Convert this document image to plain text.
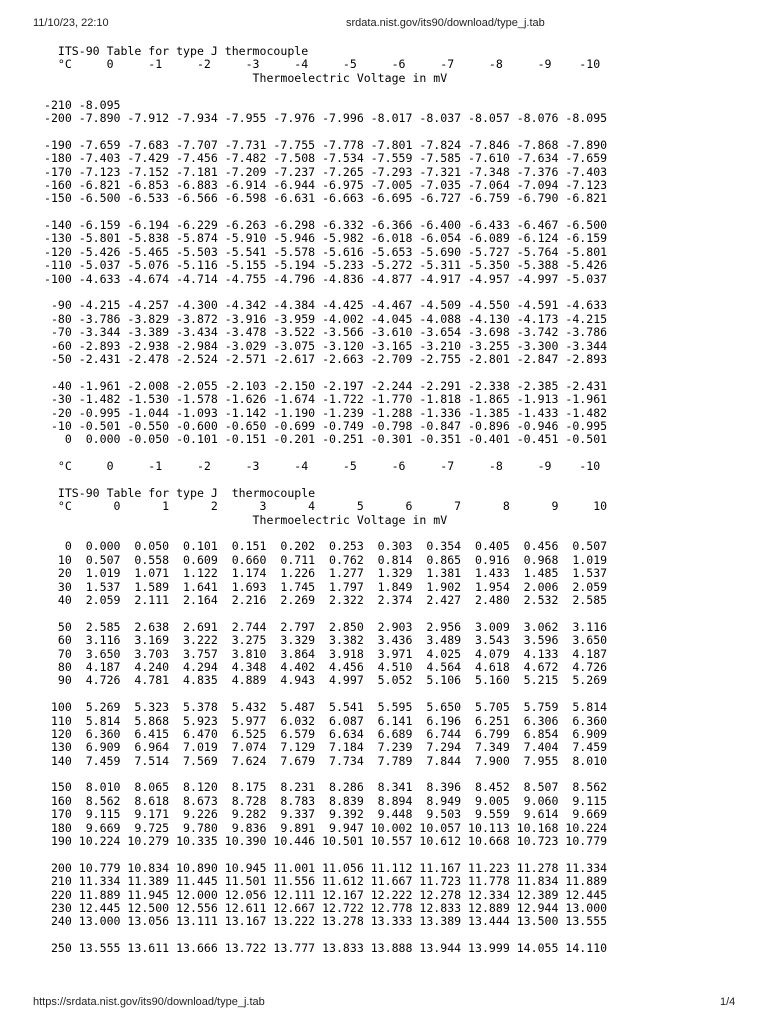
11/10/23, 22:10	srdata.nist.gov/its90/download/type_j.tab
ITS-90 Table for type J thermocouple
°C     0     -1     -2     -3     -4     -5     -6     -7     -8     -9    -10
Thermoelectric Voltage in mV
-210 -8.095
-200 -7.890 -7.912 -7.934 -7.955 -7.976 -7.996 -8.017 -8.037 -8.057 -8.076 -8.095
-190 -7.659 -7.683 -7.707 -7.731 -7.755 -7.778 -7.801 -7.824 -7.846 -7.868 -7.890
-180 -7.403 -7.429 -7.456 -7.482 -7.508 -7.534 -7.559 -7.585 -7.610 -7.634 -7.659
-170 -7.123 -7.152 -7.181 -7.209 -7.237 -7.265 -7.293 -7.321 -7.348 -7.376 -7.403
-160 -6.821 -6.853 -6.883 -6.914 -6.944 -6.975 -7.005 -7.035 -7.064 -7.094 -7.123
-150 -6.500 -6.533 -6.566 -6.598 -6.631 -6.663 -6.695 -6.727 -6.759 -6.790 -6.821
-140 -6.159 -6.194 -6.229 -6.263 -6.298 -6.332 -6.366 -6.400 -6.433 -6.467 -6.500
-130 -5.801 -5.838 -5.874 -5.910 -5.946 -5.982 -6.018 -6.054 -6.089 -6.124 -6.159
-120 -5.426 -5.465 -5.503 -5.541 -5.578 -5.616 -5.653 -5.690 -5.727 -5.764 -5.801
-110 -5.037 -5.076 -5.116 -5.155 -5.194 -5.233 -5.272 -5.311 -5.350 -5.388 -5.426
-100 -4.633 -4.674 -4.714 -4.755 -4.796 -4.836 -4.877 -4.917 -4.957 -4.997 -5.037
-90 -4.215 -4.257 -4.300 -4.342 -4.384 -4.425 -4.467 -4.509 -4.550 -4.591 -4.633
-80 -3.786 -3.829 -3.872 -3.916 -3.959 -4.002 -4.045 -4.088 -4.130 -4.173 -4.215
-70 -3.344 -3.389 -3.434 -3.478 -3.522 -3.566 -3.610 -3.654 -3.698 -3.742 -3.786
-60 -2.893 -2.938 -2.984 -3.029 -3.075 -3.120 -3.165 -3.210 -3.255 -3.300 -3.344
-50 -2.431 -2.478 -2.524 -2.571 -2.617 -2.663 -2.709 -2.755 -2.801 -2.847 -2.893
-40 -1.961 -2.008 -2.055 -2.103 -2.150 -2.197 -2.244 -2.291 -2.338 -2.385 -2.431
-30 -1.482 -1.530 -1.578 -1.626 -1.674 -1.722 -1.770 -1.818 -1.865 -1.913 -1.961
-20 -0.995 -1.044 -1.093 -1.142 -1.190 -1.239 -1.288 -1.336 -1.385 -1.433 -1.482
-10 -0.501 -0.550 -0.600 -0.650 -0.699 -0.749 -0.798 -0.847 -0.896 -0.946 -0.995
0  0.000 -0.050 -0.101 -0.151 -0.201 -0.251 -0.301 -0.351 -0.401 -0.451 -0.501
°C     0     -1     -2     -3     -4     -5     -6     -7     -8     -9    -10
ITS-90 Table for type J  thermocouple
°C      0      1      2      3      4      5      6      7      8      9     10
Thermoelectric Voltage in mV
0  0.000  0.050  0.101  0.151  0.202  0.253  0.303  0.354  0.405  0.456  0.507
10  0.507  0.558  0.609  0.660  0.711  0.762  0.814  0.865  0.916  0.968  1.019
20  1.019  1.071  1.122  1.174  1.226  1.277  1.329  1.381  1.433  1.485  1.537
30  1.537  1.589  1.641  1.693  1.745  1.797  1.849  1.902  1.954  2.006  2.059
40  2.059  2.111  2.164  2.216  2.269  2.322  2.374  2.427  2.480  2.532  2.585
50  2.585  2.638  2.691  2.744  2.797  2.850  2.903  2.956  3.009  3.062  3.116
60  3.116  3.169  3.222  3.275  3.329  3.382  3.436  3.489  3.543  3.596  3.650
70  3.650  3.703  3.757  3.810  3.864  3.918  3.971  4.025  4.079  4.133  4.187
80  4.187  4.240  4.294  4.348  4.402  4.456  4.510  4.564  4.618  4.672  4.726
90  4.726  4.781  4.835  4.889  4.943  4.997  5.052  5.106  5.160  5.215  5.269
100  5.269  5.323  5.378  5.432  5.487  5.541  5.595  5.650  5.705  5.759  5.814
110  5.814  5.868  5.923  5.977  6.032  6.087  6.141  6.196  6.251  6.306  6.360
120  6.360  6.415  6.470  6.525  6.579  6.634  6.689  6.744  6.799  6.854  6.909
130  6.909  6.964  7.019  7.074  7.129  7.184  7.239  7.294  7.349  7.404  7.459
140  7.459  7.514  7.569  7.624  7.679  7.734  7.789  7.844  7.900  7.955  8.010
150  8.010  8.065  8.120  8.175  8.231  8.286  8.341  8.396  8.452  8.507  8.562
160  8.562  8.618  8.673  8.728  8.783  8.839  8.894  8.949  9.005  9.060  9.115
170  9.115  9.171  9.226  9.282  9.337  9.392  9.448  9.503  9.559  9.614  9.669
180  9.669  9.725  9.780  9.836  9.891  9.947 10.002 10.057 10.113 10.168 10.224
190 10.224 10.279 10.335 10.390 10.446 10.501 10.557 10.612 10.668 10.723 10.779
200 10.779 10.834 10.890 10.945 11.001 11.056 11.112 11.167 11.223 11.278 11.334
210 11.334 11.389 11.445 11.501 11.556 11.612 11.667 11.723 11.778 11.834 11.889
220 11.889 11.945 12.000 12.056 12.111 12.167 12.222 12.278 12.334 12.389 12.445
230 12.445 12.500 12.556 12.611 12.667 12.722 12.778 12.833 12.889 12.944 13.000
240 13.000 13.056 13.111 13.167 13.222 13.278 13.333 13.389 13.444 13.500 13.555
250 13.555 13.611 13.666 13.722 13.777 13.833 13.888 13.944 13.999 14.055 14.110
https://srdata.nist.gov/its90/download/type_j.tab	1/4
